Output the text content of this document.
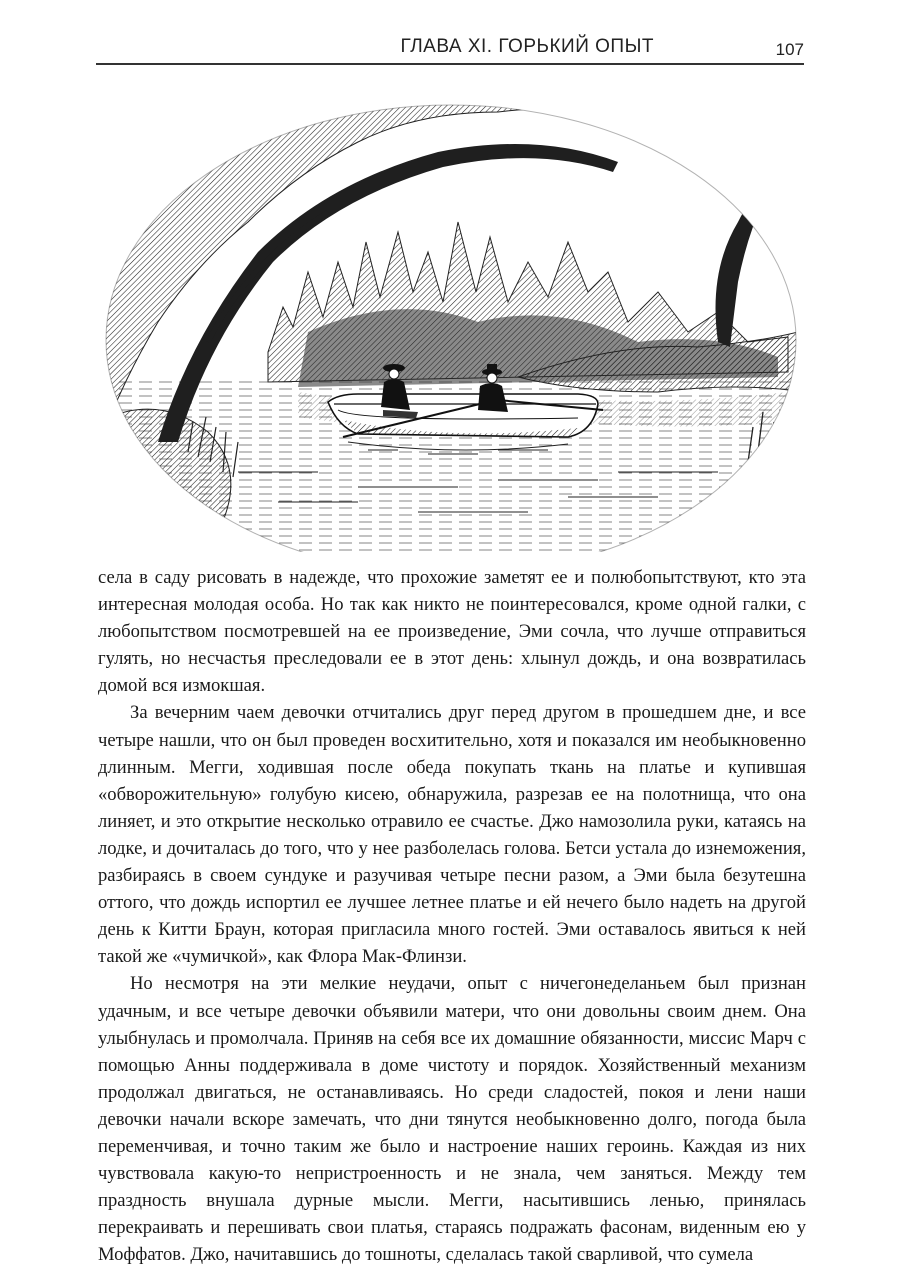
ГЛАВА XI. ГОРЬКИЙ ОПЫТ	107

села в саду рисовать в надежде, что прохожие заметят ее и полюбопытствуют, кто эта интересная молодая особа. Но так как никто не поинтересовался, кроме одной галки, с любопытством посмотревшей на ее произведение, Эми сочла, что лучше отправиться гулять, но несчастья преследовали ее в этот день: хлынул дождь, и она возвратилась домой вся измокшая.

За вечерним чаем девочки отчитались друг перед другом в прошедшем дне, и все четыре нашли, что он был проведен восхитительно, хотя и показался им необыкновенно длинным. Мегги, ходившая после обеда покупать ткань на платье и купившая «обворожительную» голубую кисею, обнаружила, разрезав ее на полотнища, что она линяет, и это открытие несколько отравило ее счастье. Джо намозолила руки, катаясь на лодке, и дочиталась до того, что у нее разболелась голова. Бетси устала до изнеможения, разбираясь в своем сундуке и разучивая четыре песни разом, а Эми была безутешна оттого, что дождь испортил ее лучшее летнее платье и ей нечего было надеть на другой день к Китти Браун, которая пригласила много гостей. Эми оставалось явиться к ней такой же «чумичкой», как Флора Мак-Флинзи.

Но несмотря на эти мелкие неудачи, опыт с ничегонеделаньем был признан удачным, и все четыре девочки объявили матери, что они довольны своим днем. Она улыбнулась и промолчала. Приняв на себя все их домашние обязанности, миссис Марч с помощью Анны поддерживала в доме чистоту и порядок. Хозяйственный механизм продолжал двигаться, не останавливаясь. Но среди сладостей, покоя и лени наши девочки начали вскоре замечать, что дни тянутся необыкновенно долго, погода была переменчивая, и точно таким же было и настроение наших героинь. Каждая из них чувствовала какую-то непристроенность и не знала, чем заняться. Между тем праздность внушала дурные мысли. Мегги, насытившись ленью, принялась перекраивать и перешивать свои платья, стараясь подражать фасонам, виденным ею у Моффатов. Джо, начитавшись до тошноты, сделалась такой сварливой, что сумела
